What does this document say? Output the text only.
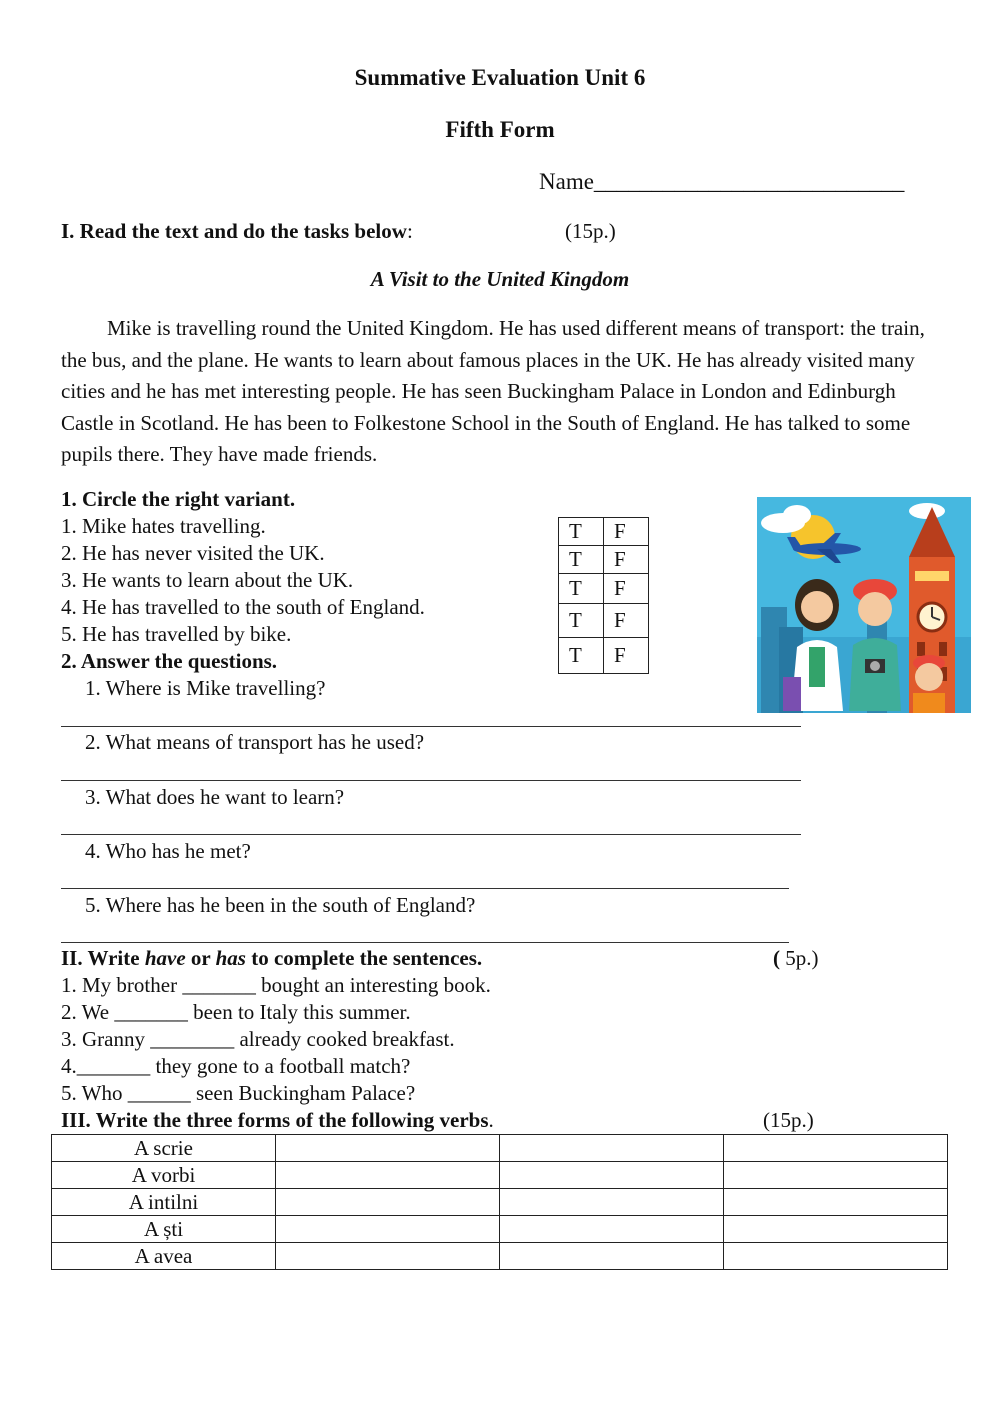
Summative Evaluation Unit 6
Fifth Form
Name___________________________
I. Read the text and do the tasks below:	(15p.)
A Visit to the United Kingdom
Mike is travelling round the United Kingdom. He has used different means of transport: the train, the bus, and the plane. He wants to learn about famous places in the UK. He has already visited many cities and he has met interesting people. He has seen Buckingham Palace in London and Edinburgh Castle in Scotland. He has been to Folkestone School in the South of England. He has talked to some pupils there. They have made friends.
1. Circle the right variant.
1. Mike hates travelling.
2. He has never visited the UK.
3. He wants to learn about the UK.
4. He has travelled to the south of England.
5. He has travelled by bike.
T	F
T	F
T	F
T	F
T	F
2. Answer the questions.
1. Where is Mike travelling?
2. What means of transport has he used?
3. What does he want to learn?
4. Who has he met?
5. Where has he been in the south of England?
II. Write have or has to complete the sentences.	( 5p.)
1. My brother _______ bought an interesting book.
2. We _______ been to Italy this summer.
3. Granny ________ already cooked breakfast.
4._______ they gone to a football match?
5. Who ______ seen Buckingham Palace?
III. Write the three forms of the following verbs.	(15p.)
A scrie			
A vorbi			
A intilni			
A ști			
A avea			
